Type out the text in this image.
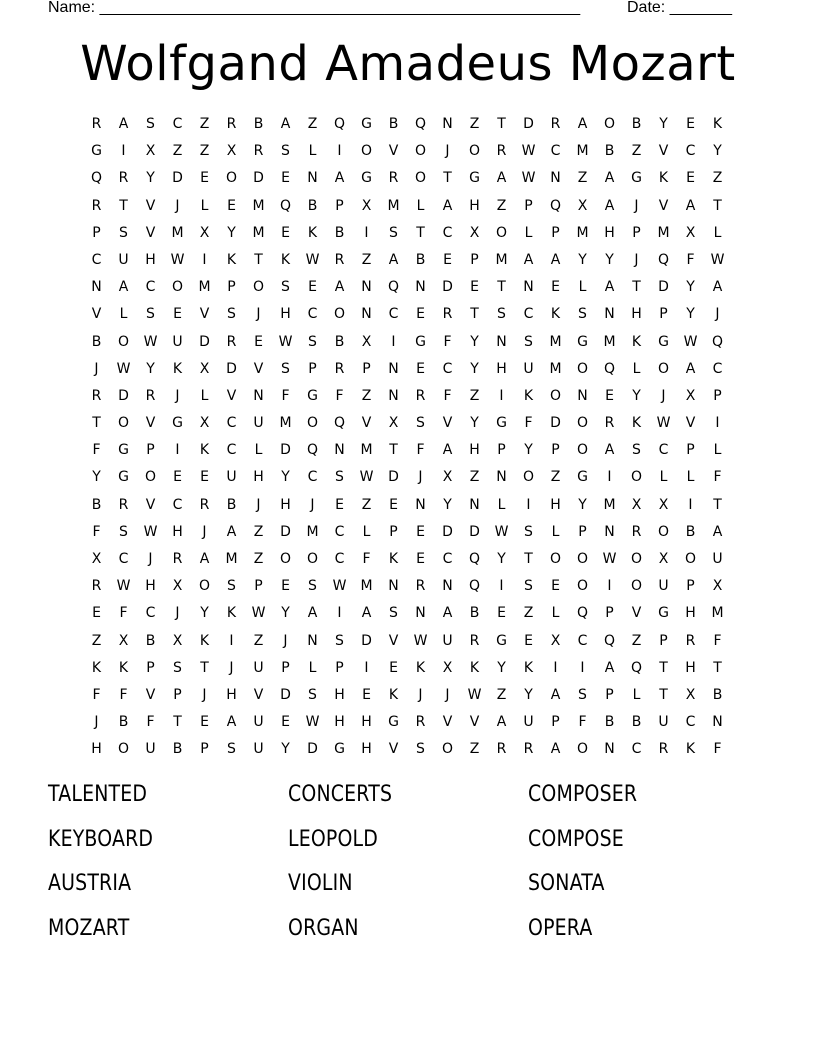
Name: ______________________________________________________	Date: _______
Wolfgand Amadeus Mozart
R	A	S	C	Z	R	B	A	Z	Q	G	B	Q	N	Z	T	D	R	A	O	B	Y	E	K
G	I	X	Z	Z	X	R	S	L	I	O	V	O	J	O	R	W	C	M	B	Z	V	C	Y
Q	R	Y	D	E	O	D	E	N	A	G	R	O	T	G	A	W	N	Z	A	G	K	E	Z
R	T	V	J	L	E	M	Q	B	P	X	M	L	A	H	Z	P	Q	X	A	J	V	A	T
P	S	V	M	X	Y	M	E	K	B	I	S	T	C	X	O	L	P	M	H	P	M	X	L
C	U	H	W	I	K	T	K	W	R	Z	A	B	E	P	M	A	A	Y	Y	J	Q	F	W
N	A	C	O	M	P	O	S	E	A	N	Q	N	D	E	T	N	E	L	A	T	D	Y	A
V	L	S	E	V	S	J	H	C	O	N	C	E	R	T	S	C	K	S	N	H	P	Y	J
B	O	W	U	D	R	E	W	S	B	X	I	G	F	Y	N	S	M	G	M	K	G	W	Q
J	W	Y	K	X	D	V	S	P	R	P	N	E	C	Y	H	U	M	O	Q	L	O	A	C
R	D	R	J	L	V	N	F	G	F	Z	N	R	F	Z	I	K	O	N	E	Y	J	X	P
T	O	V	G	X	C	U	M	O	Q	V	X	S	V	Y	G	F	D	O	R	K	W	V	I
F	G	P	I	K	C	L	D	Q	N	M	T	F	A	H	P	Y	P	O	A	S	C	P	L
Y	G	O	E	E	U	H	Y	C	S	W	D	J	X	Z	N	O	Z	G	I	O	L	L	F
B	R	V	C	R	B	J	H	J	E	Z	E	N	Y	N	L	I	H	Y	M	X	X	I	T
F	S	W	H	J	A	Z	D	M	C	L	P	E	D	D	W	S	L	P	N	R	O	B	A
X	C	J	R	A	M	Z	O	O	C	F	K	E	C	Q	Y	T	O	O	W	O	X	O	U
R	W	H	X	O	S	P	E	S	W	M	N	R	N	Q	I	S	E	O	I	O	U	P	X
E	F	C	J	Y	K	W	Y	A	I	A	S	N	A	B	E	Z	L	Q	P	V	G	H	M
Z	X	B	X	K	I	Z	J	N	S	D	V	W	U	R	G	E	X	C	Q	Z	P	R	F
K	K	P	S	T	J	U	P	L	P	I	E	K	X	K	Y	K	I	I	A	Q	T	H	T
F	F	V	P	J	H	V	D	S	H	E	K	J	J	W	Z	Y	A	S	P	L	T	X	B
J	B	F	T	E	A	U	E	W	H	H	G	R	V	V	A	U	P	F	B	B	U	C	N
H	O	U	B	P	S	U	Y	D	G	H	V	S	O	Z	R	R	A	O	N	C	R	K	F
TALENTED	CONCERTS	COMPOSER
KEYBOARD	LEOPOLD	COMPOSE
AUSTRIA	VIOLIN	SONATA
MOZART	ORGAN	OPERA
